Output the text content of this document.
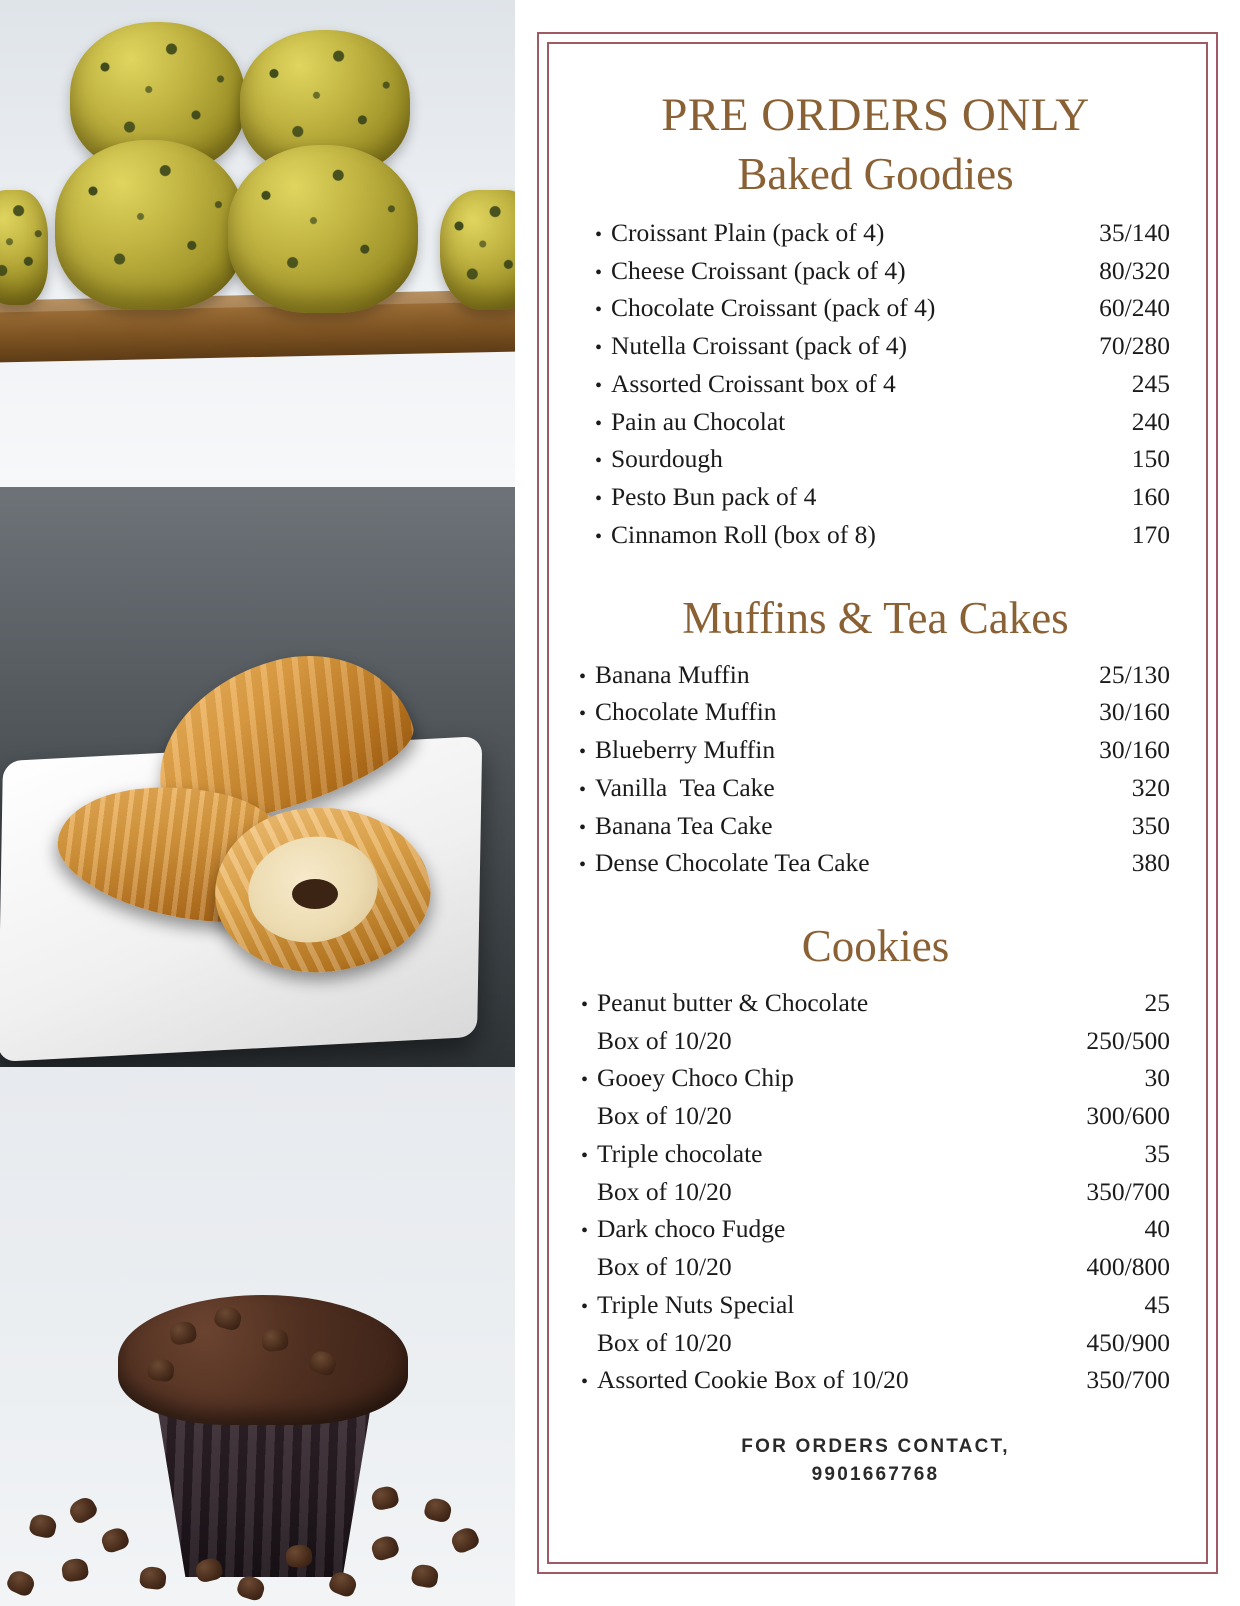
PRE ORDERS ONLY
Baked Goodies
• Croissant Plain (pack of 4)	35/140
• Cheese Croissant (pack of 4)	80/320
• Chocolate Croissant (pack of 4)	60/240
• Nutella Croissant (pack of 4)	70/280
• Assorted Croissant box of 4	245
• Pain au Chocolat	240
• Sourdough	150
• Pesto Bun pack of 4	160
• Cinnamon Roll (box of 8)	170
Muffins & Tea Cakes
• Banana Muffin	25/130
• Chocolate Muffin	30/160
• Blueberry Muffin	30/160
• Vanilla  Tea Cake	320
• Banana Tea Cake	350
• Dense Chocolate Tea Cake	380
Cookies
• Peanut butter & Chocolate	25
Box of 10/20	250/500
• Gooey Choco Chip	30
Box of 10/20	300/600
• Triple chocolate	35
Box of 10/20	350/700
• Dark choco Fudge	40
Box of 10/20	400/800
• Triple Nuts Special	45
Box of 10/20	450/900
• Assorted Cookie Box of 10/20	350/700
FOR ORDERS CONTACT,
9901667768
